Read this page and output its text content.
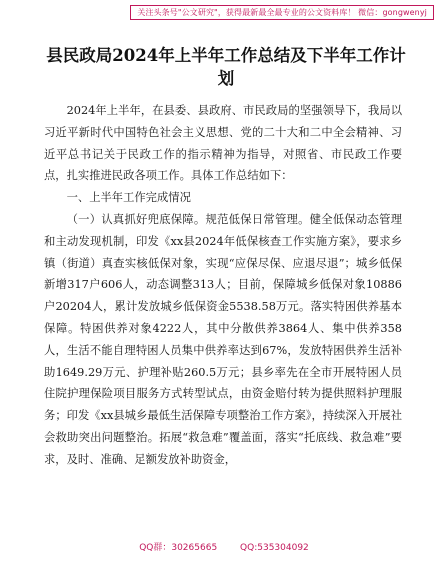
关注头条号"公文研究"，获得最新最全最专业的公文资料库！ 微信：gongwenyj
县民政局2024年上半年工作总结及下半年工作计划

2024年上半年，在县委、县政府、市民政局的坚强领导下，我局以习近平新时代中国特色社会主义思想、党的二十大和二中全会精神、习近平总书记关于民政工作的指示精神为指导，对照省、市民政工作要点，扎实推进民政各项工作。具体工作总结如下：

一、上半年工作完成情况

（一）认真抓好兜底保障。规范低保日常管理。健全低保动态管理和主动发现机制，印发《xx县2024年低保核查工作实施方案》，要求乡镇（街道）真查实核低保对象，实现“应保尽保、应退尽退”；城乡低保新增317户606人，动态调整313人；目前，保障城乡低保对象10886户20204人，累计发放城乡低保资金5538.58万元。落实特困供养基本保障。特困供养对象4222人，其中分散供养3864人、集中供养358人，生活不能自理特困人员集中供养率达到67%，发放特困供养生活补助1649.29万元、护理补贴260.5万元；县乡率先在全市开展特困人员住院护理保险项目服务方式转型试点，由资金赔付转为提供照料护理服务；印发《xx县城乡最低生活保障专项整治工作方案》，持续深入开展社会救助突出问题整治。拓展“救急难”覆盖面，落实“托底线、救急难”要求，及时、准确、足额发放补助资金，

QQ群：30265665	QQ:535304092
